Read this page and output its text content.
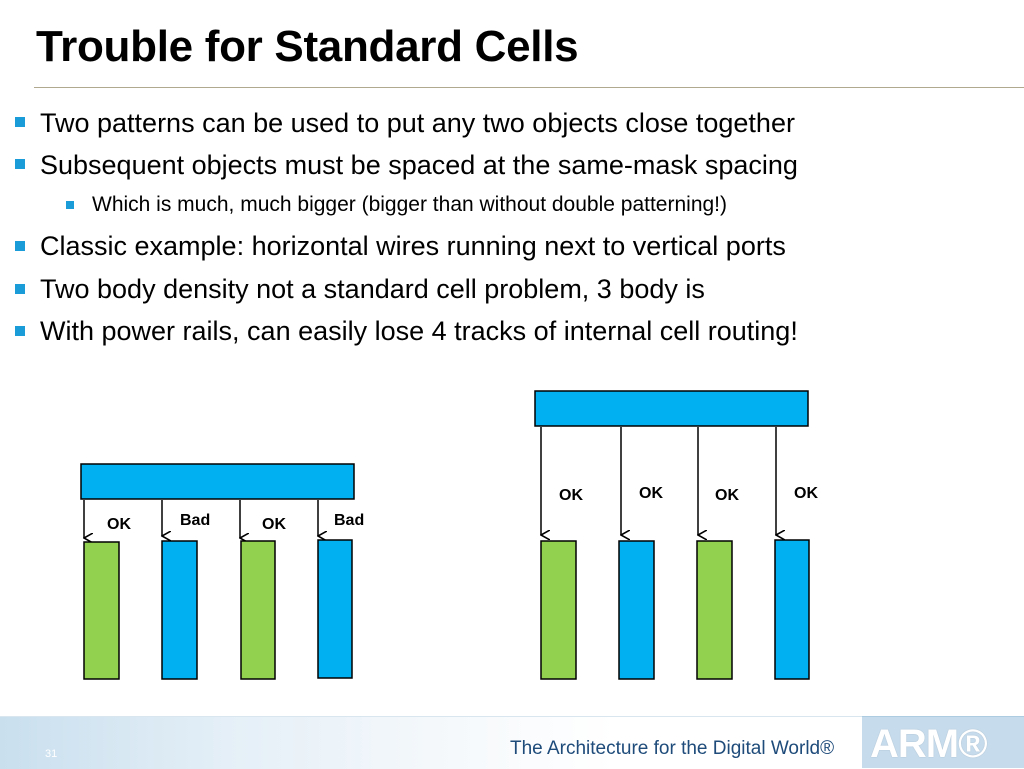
Trouble for Standard Cells
Two patterns can be used to put any two objects close together
Subsequent objects must be spaced at the same-mask spacing
Which is much, much bigger (bigger than without double patterning!)
Classic example: horizontal wires running next to vertical ports
Two body density not a standard cell problem, 3 body is
With power rails, can easily lose 4 tracks of internal cell routing!
OK	Bad	OK	Bad
OK	OK	OK	OK
31	The Architecture for the Digital World® ARM®
